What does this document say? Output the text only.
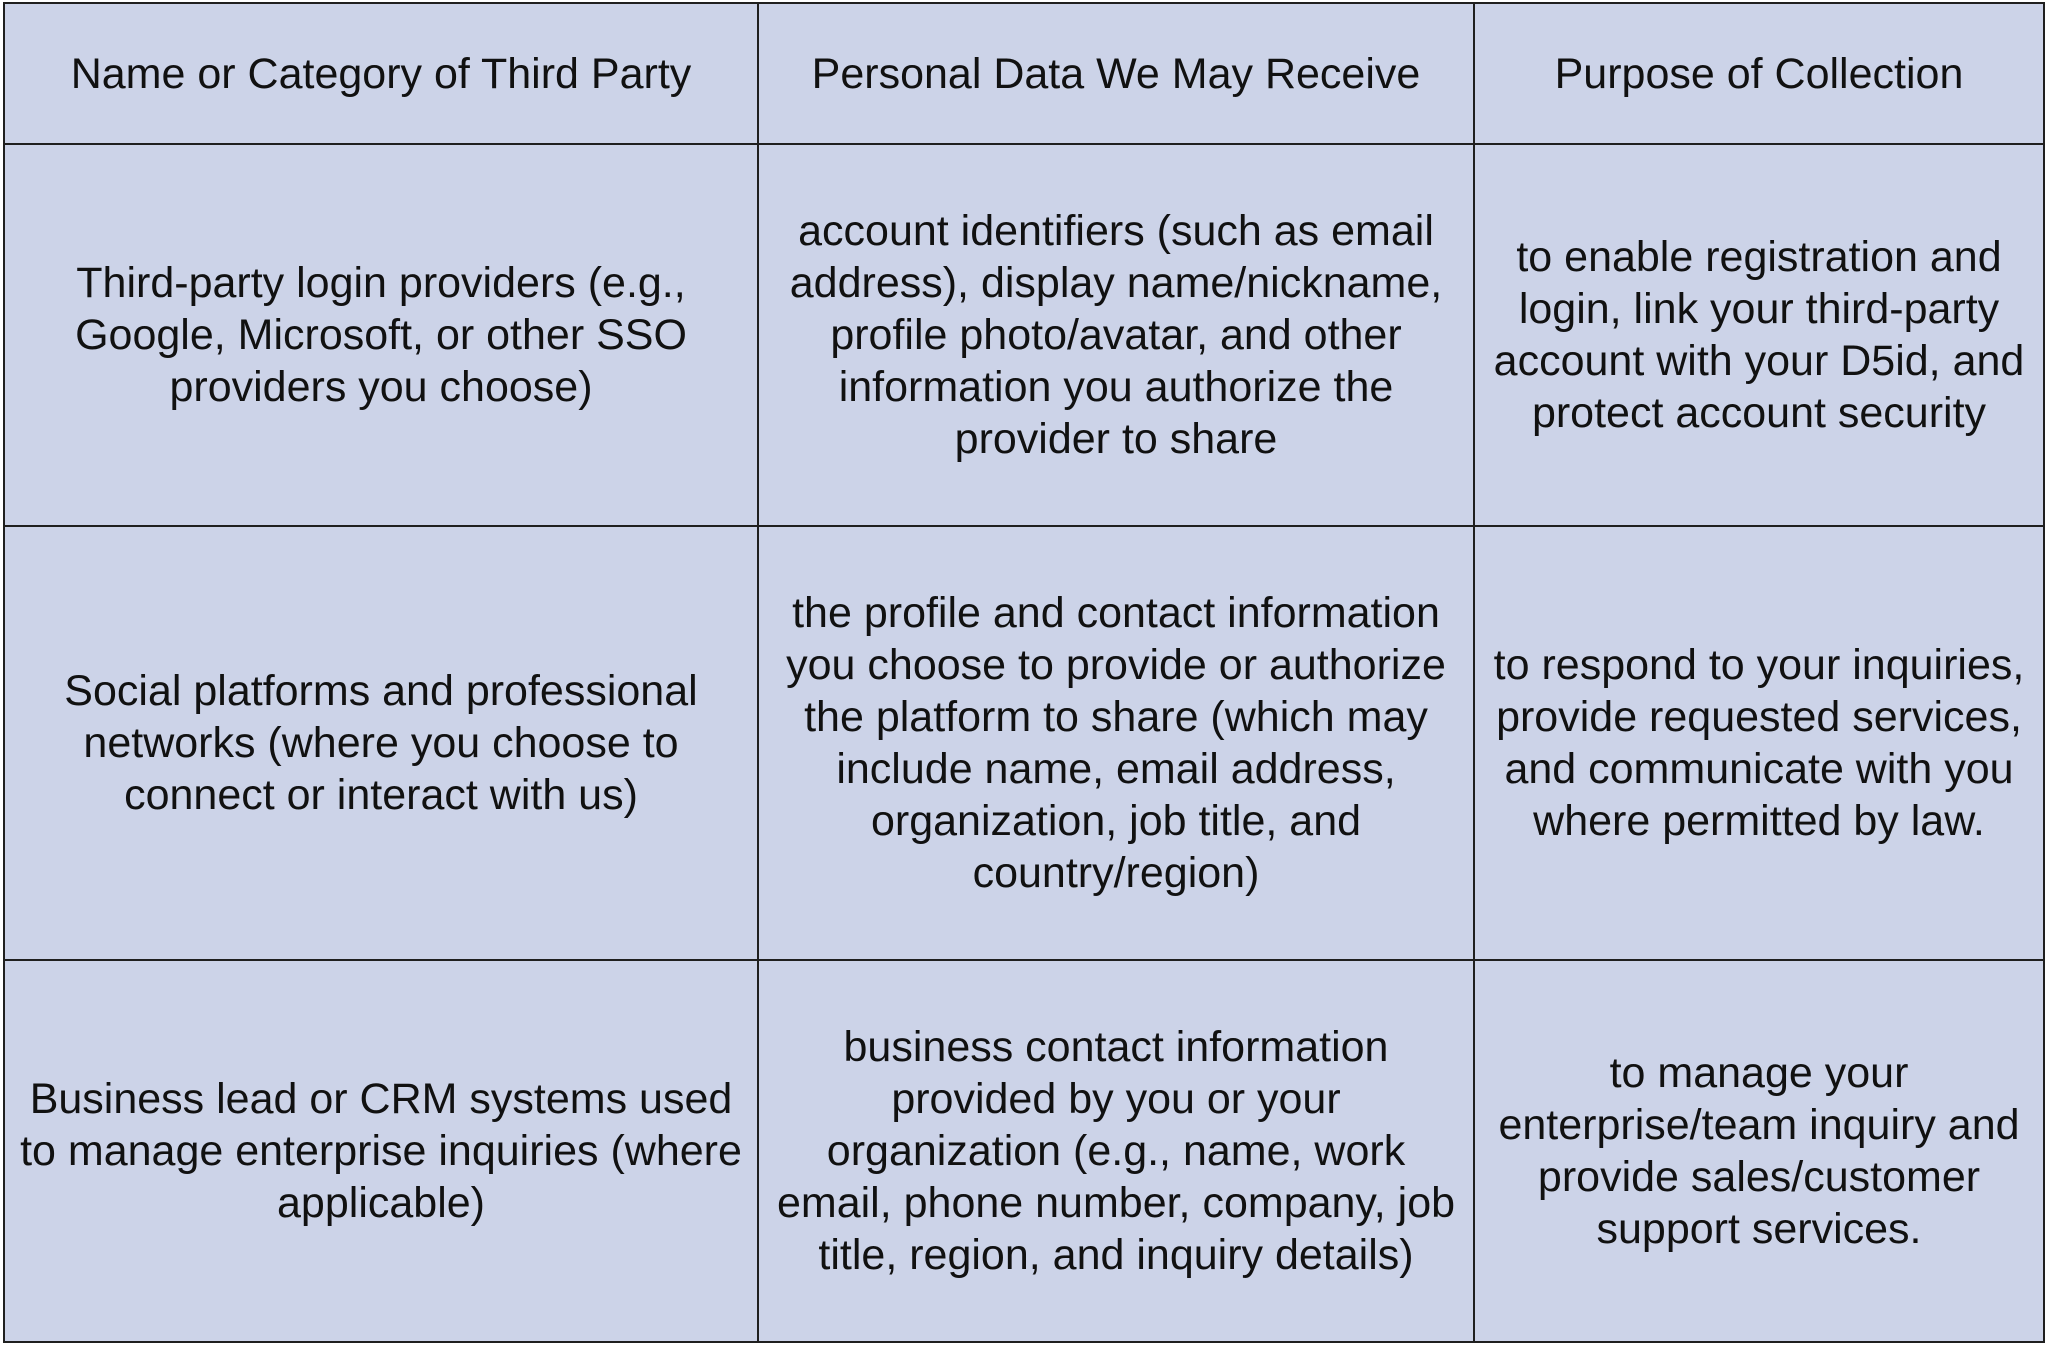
Name or Category of Third Party	Personal Data We May Receive	Purpose of Collection
Third-party login providers (e.g., Google, Microsoft, or other SSO providers you choose)	account identifiers (such as email address), display name/nickname, profile photo/avatar, and other information you authorize the provider to share	to enable registration and login, link your third-party account with your D5id, and protect account security
Social platforms and professional networks (where you choose to connect or interact with us)	the profile and contact information you choose to provide or authorize the platform to share (which may include name, email address, organization, job title, and country/region)	to respond to your inquiries, provide requested services, and communicate with you where permitted by law.
Business lead or CRM systems used to manage enterprise inquiries (where applicable)	business contact information provided by you or your organization (e.g., name, work email, phone number, company, job title, region, and inquiry details)	to manage your enterprise/team inquiry and provide sales/customer support services.
